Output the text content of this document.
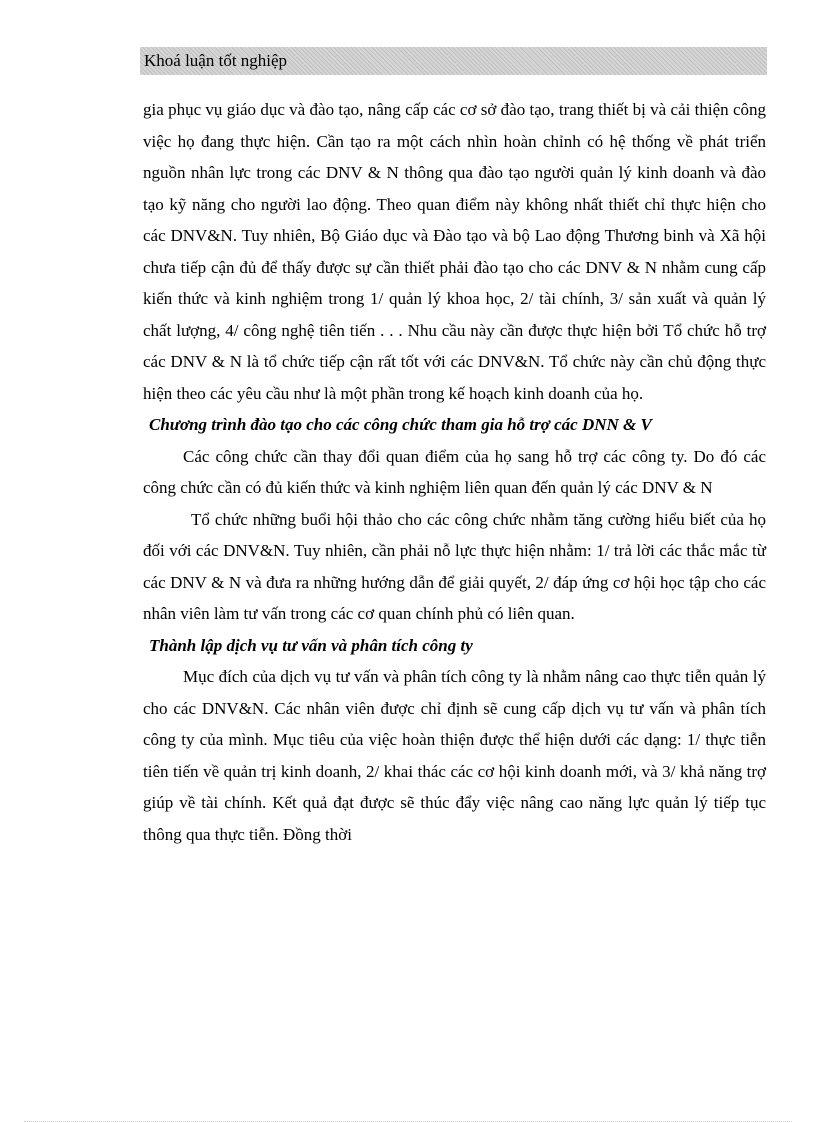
Khoá luận tốt nghiệp

gia phục vụ giáo dục và đào tạo, nâng cấp các cơ sở đào tạo, trang thiết bị và cải thiện công việc họ đang thực hiện. Cần tạo ra một cách nhìn hoàn chỉnh có hệ thống về phát triển nguồn nhân lực trong các DNV & N thông qua đào tạo người quản lý kinh doanh và đào tạo kỹ năng cho người lao động. Theo quan điểm này không nhất thiết chỉ thực hiện cho các DNV&N. Tuy nhiên, Bộ Giáo dục và Đào tạo và bộ Lao động Thương binh và Xã hội chưa tiếp cận đủ để thấy được sự cần thiết phải đào tạo cho các DNV & N nhằm cung cấp kiến thức và kinh nghiệm trong 1/ quản lý khoa học, 2/ tài chính, 3/ sản xuất và quản lý chất lượng, 4/ công nghệ tiên tiến . . . Nhu cầu này cần được thực hiện bởi Tổ chức hỗ trợ các DNV & N là tổ chức tiếp cận rất tốt với các DNV&N. Tổ chức này cần chủ động thực hiện theo các yêu cầu như là một phần trong kế hoạch kinh doanh của họ.

Chương trình đào tạo cho các công chức tham gia hỗ trợ các DNN & V

Các công chức cần thay đổi quan điểm của họ sang hỗ trợ các công ty. Do đó các công chức cần có đủ kiến thức và kinh nghiệm liên quan đến quản lý các DNV & N

Tổ chức những buổi hội thảo cho các công chức nhằm tăng cường hiểu biết của họ đối với các DNV&N. Tuy nhiên, cần phải nỗ lực thực hiện nhằm: 1/ trả lời các thắc mắc từ các DNV & N và đưa ra những hướng dẫn để giải quyết, 2/ đáp ứng cơ hội học tập cho các nhân viên làm tư vấn trong các cơ quan chính phủ có liên quan.

Thành lập dịch vụ tư vấn và phân tích công ty

Mục đích của dịch vụ tư vấn và phân tích công ty là nhằm nâng cao thực tiễn quản lý cho các DNV&N. Các nhân viên được chỉ định sẽ cung cấp dịch vụ tư vấn và phân tích công ty của mình. Mục tiêu của việc hoàn thiện được thể hiện dưới các dạng: 1/ thực tiễn tiên tiến về quản trị kinh doanh, 2/ khai thác các cơ hội kinh doanh mới, và 3/ khả năng trợ giúp về tài chính. Kết quả đạt được sẽ thúc đẩy việc nâng cao năng lực quản lý tiếp tục thông qua thực tiễn. Đồng thời
